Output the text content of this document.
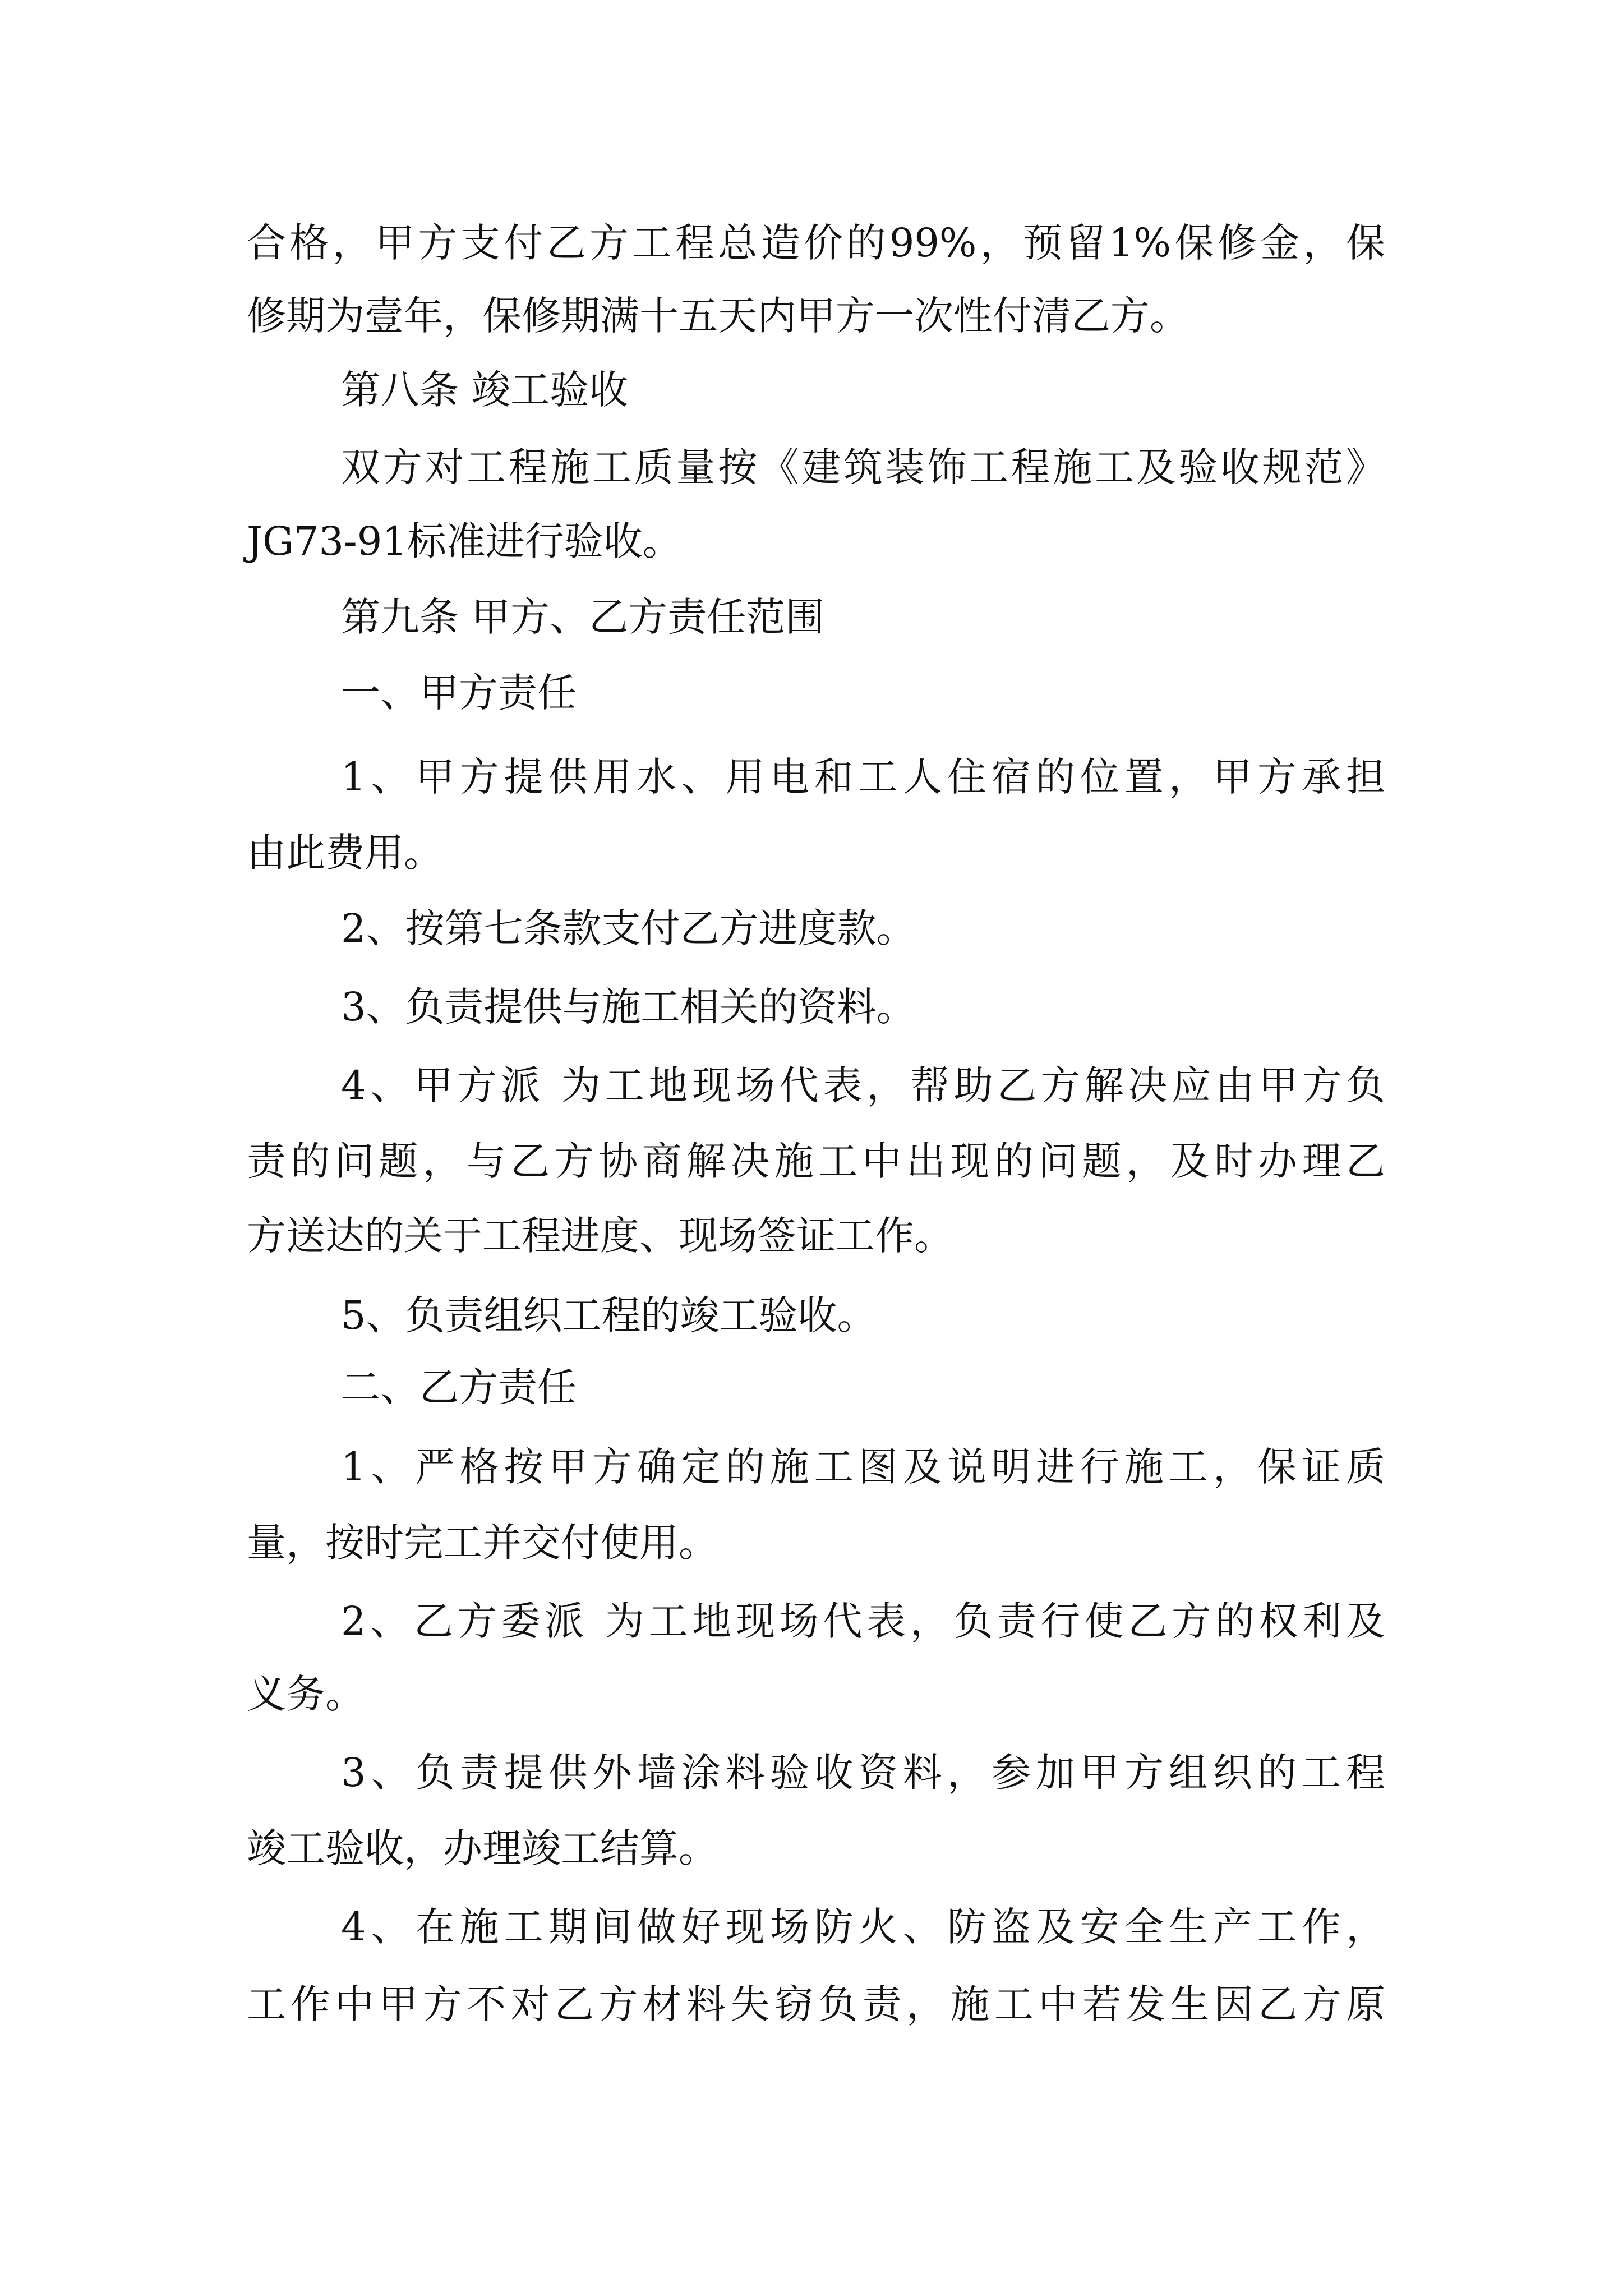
合格，甲方支付乙方工程总造价的99%，预留1%保修金，保
修期为壹年，保修期满十五天内甲方一次性付清乙方。
第八条 竣工验收
双方对工程施工质量按《建筑装饰工程施工及验收规范》
JG73-91标准进行验收。
第九条 甲方、乙方责任范围
一、甲方责任
1、甲方提供用水、用电和工人住宿的位置，甲方承担
由此费用。
2、按第七条款支付乙方进度款。
3、负责提供与施工相关的资料。
4、甲方派 为工地现场代表，帮助乙方解决应由甲方负
责的问题，与乙方协商解决施工中出现的问题，及时办理乙
方送达的关于工程进度、现场签证工作。
5、负责组织工程的竣工验收。
二、乙方责任
1、严格按甲方确定的施工图及说明进行施工，保证质
量，按时完工并交付使用。
2、乙方委派 为工地现场代表，负责行使乙方的权利及
义务。
3、负责提供外墙涂料验收资料，参加甲方组织的工程
竣工验收，办理竣工结算。
4、在施工期间做好现场防火、防盗及安全生产工作，
工作中甲方不对乙方材料失窃负责，施工中若发生因乙方原
